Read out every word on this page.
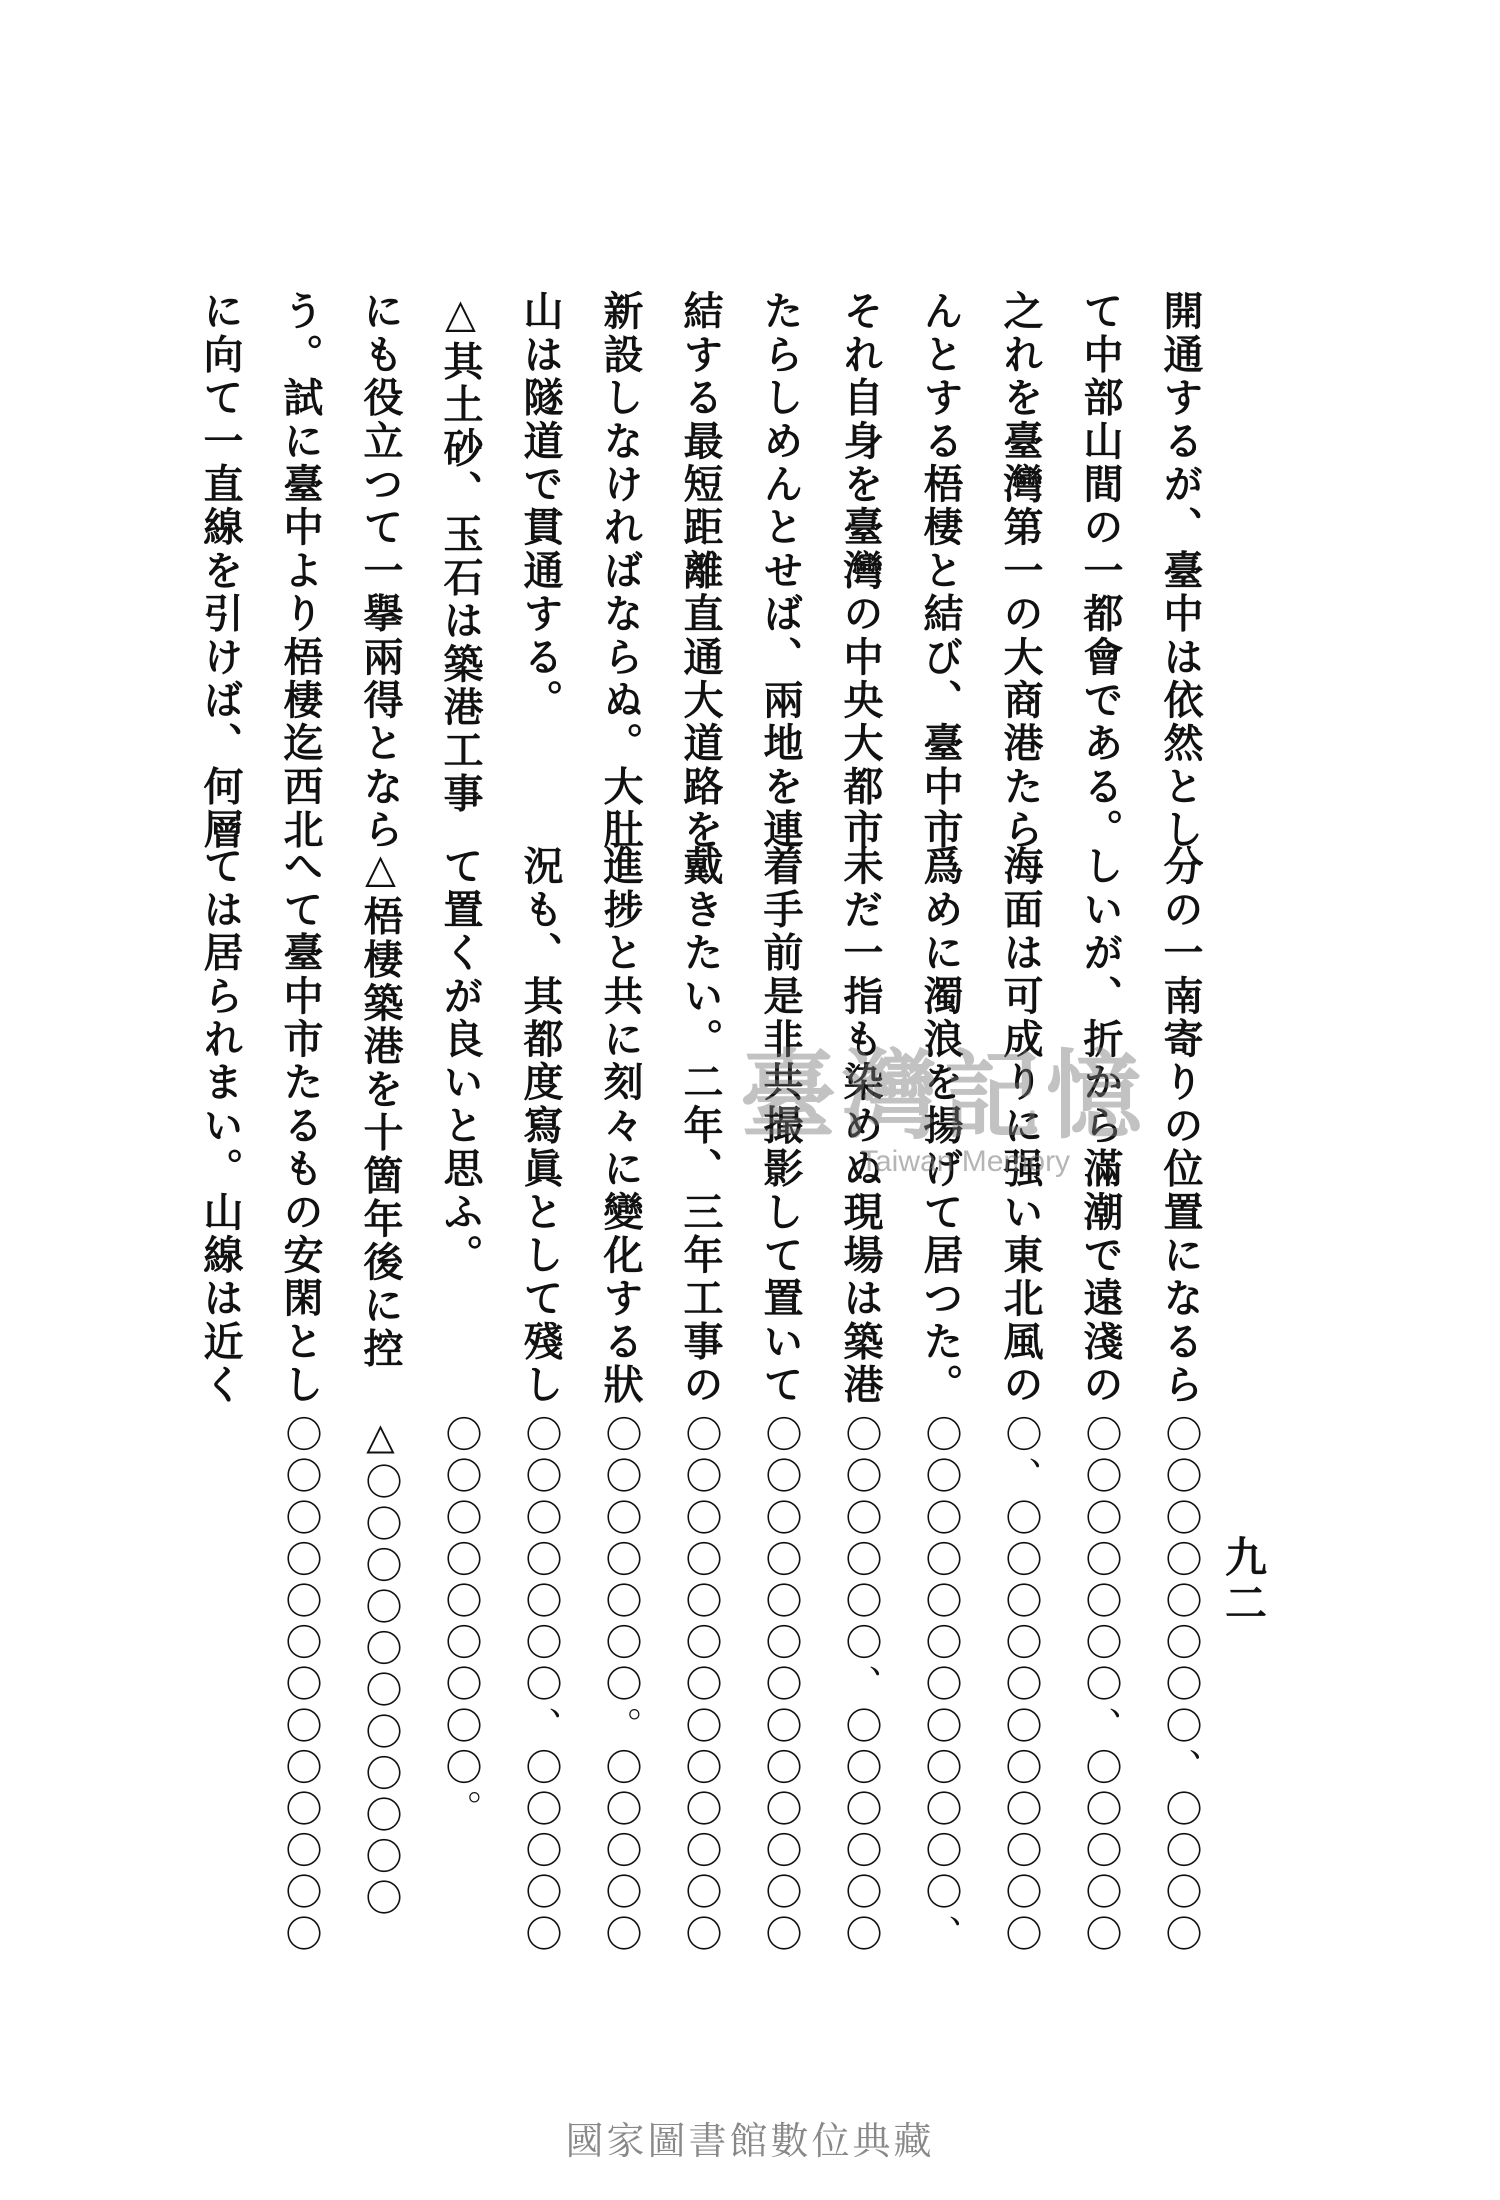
九二
開通するが、臺中は依然とし
て中部山間の一都會である。
之れを臺灣第一の大商港たら
んとする梧棲と結び、臺中市
それ自身を臺灣の中央大都市
たらしめんとせば、兩地を連
結する最短距離直通大道路を
新設しなければならぬ。大肚
山は隧道で貫通する。
△其土砂、玉石は築港工事
にも役立つて一擧兩得となら
う。試に臺中より梧棲迄西北
に向て一直線を引けば、何層
分の一南寄りの位置になるら
しいが、折から滿潮で遠淺の
海面は可成りに强い東北風の
爲めに濁浪を揚げて居つた。
未だ一指も染めぬ現場は築港
着手前是非共撮影して置いて
戴きたい。二年、三年工事の
進捗と共に刻々に變化する狀
況も、其都度寫眞として殘し
て置くが良いと思ふ。
△梧棲築港を十箇年後に控
へて臺中市たるもの安閑とし
ては居られまい。山線は近く
〇〇〇〇〇〇〇〇、〇〇〇〇
〇〇〇〇〇〇〇、〇〇〇〇〇
〇、〇〇〇〇〇〇〇〇〇〇〇
〇〇〇〇〇〇〇〇〇〇〇〇、
〇〇〇〇〇〇、〇〇〇〇〇〇
〇〇〇〇〇〇〇〇〇〇〇〇〇
〇〇〇〇〇〇〇〇〇〇〇〇〇
〇〇〇〇〇〇〇。〇〇〇〇〇
〇〇〇〇〇〇〇、〇〇〇〇〇
〇〇〇〇〇〇〇〇〇。
△〇〇〇〇〇〇〇〇〇〇〇
〇〇〇〇〇〇〇〇〇〇〇〇〇
臺灣記憶
Taiwan Memory
國家圖書館數位典藏
